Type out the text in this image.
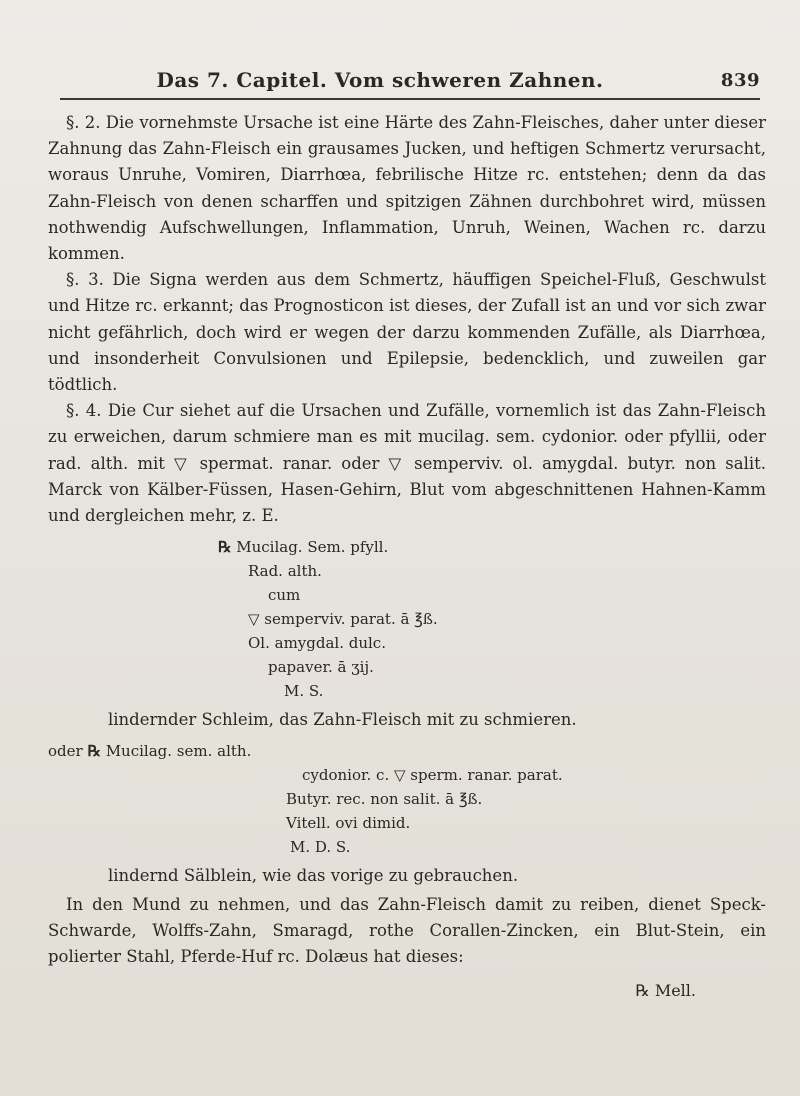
Das 7. Capitel. Vom schweren Zahnen.	839

§. 2. Die vornehmste Ursache ist eine Härte des Zahn-Fleisches, daher unter dieser Zahnung das Zahn-Fleisch ein grausames Jucken, und heftigen Schmertz verursacht, woraus Unruhe, Vomiren, Diarrhœa, febrilische Hitze rc. entstehen; denn da das Zahn-Fleisch von denen scharffen und spitzigen Zähnen durchbohret wird, müssen nothwendig Aufschwellungen, Inflammation, Unruh, Weinen, Wachen rc. darzu kommen.

§. 3. Die Signa werden aus dem Schmertz, häuffigen Speichel-Fluß, Geschwulst und Hitze rc. erkannt; das Prognosticon ist dieses, der Zufall ist an und vor sich zwar nicht gefährlich, doch wird er wegen der darzu kommenden Zufälle, als Diarrhœa, und insonderheit Convulsionen und Epilepsie, bedencklich, und zuweilen gar tödtlich.

§. 4. Die Cur siehet auf die Ursachen und Zufälle, vornemlich ist das Zahn-Fleisch zu erweichen, darum schmiere man es mit mucilag. sem. cydonior. oder pfyllii, oder rad. alth. mit ▽ spermat. ranar. oder ▽ semperviv. ol. amygdal. butyr. non salit. Marck von Kälber-Füssen, Hasen-Gehirn, Blut vom abgeschnittenen Hahnen-Kamm und dergleichen mehr, z. E.

℞ Mucilag. Sem. pfyll.
Rad. alth.
cum
▽ semperviv. parat. ā ℥ß.
Ol. amygdal. dulc.
papaver. ā ʒij.
M. S.

lindernder Schleim, das Zahn-Fleisch mit zu schmieren.

oder ℞ Mucilag. sem. alth.
cydonior. c. ▽ sperm. ranar. parat.
Butyr. rec. non salit. ā ℥ß.
Vitell. ovi dimid.
M. D. S.

lindernd Sälblein, wie das vorige zu gebrauchen.

In den Mund zu nehmen, und das Zahn-Fleisch damit zu reiben, dienet Speck-Schwarde, Wolffs-Zahn, Smaragd, rothe Corallen-Zincken, ein Blut-Stein, ein polierter Stahl, Pferde-Huf rc. Dolæus hat dieses:

℞ Mell.
